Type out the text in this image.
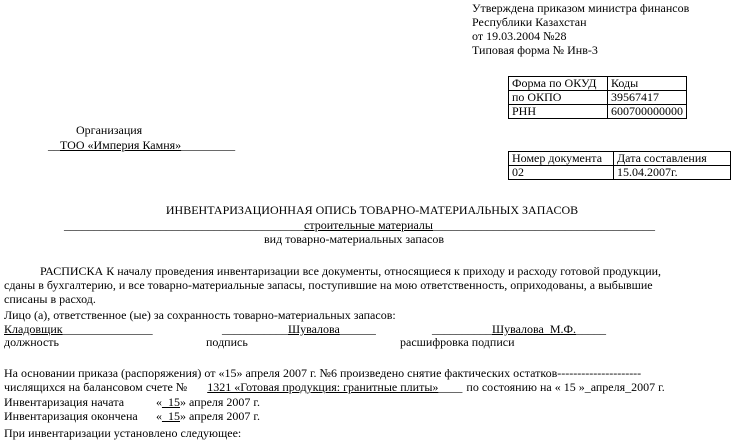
Утверждена приказом министра финансов
Республики Казахстан
от 19.03.2004 №28
Типовая форма № Инв-3
Форма по ОКУД	Коды
по ОКПО	39567417
РНН	600700000000
Организация
__ТОО «Империя Камня»_________
Номер документа	Дата составления
02	15.04.2007г.
ИНВЕНТАРИЗАЦИОННАЯ ОПИСЬ ТОВАРНО-МАТЕРИАЛЬНЫХ ЗАПАСОВ
________________________________________строительные материалы_____________________________________
вид товарно-материальных запасов
РАСПИСКА К началу проведения инвентаризации все документы, относящиеся к приходу и расходу готовой продукции,
сданы в бухгалтерию, и все товарно-материальные запасы, поступившие на мою ответственность, оприходованы, а выбывшие
списаны в расход.
Лицо (а), ответственное (ые) за сохранность товарно-материальных запасов:
Кладовщик_______________	___________Шувалова______	__________Шувалова_М.Ф._____
должность	подпись	расшифровка подписи
На основании приказа (распоряжения) от «15» апреля 2007 г. №6 произведено снятие фактических остатков---------------------
числящихся на балансовом счете № 1321 «Готовая продукция: гранитные плиты»____ по состоянию на « 15 »_апреля_2007 г.
Инвентаризация начата	«_15» апреля 2007 г.
Инвентаризация окончена «_15» апреля 2007 г.
При инвентаризации установлено следующее:
